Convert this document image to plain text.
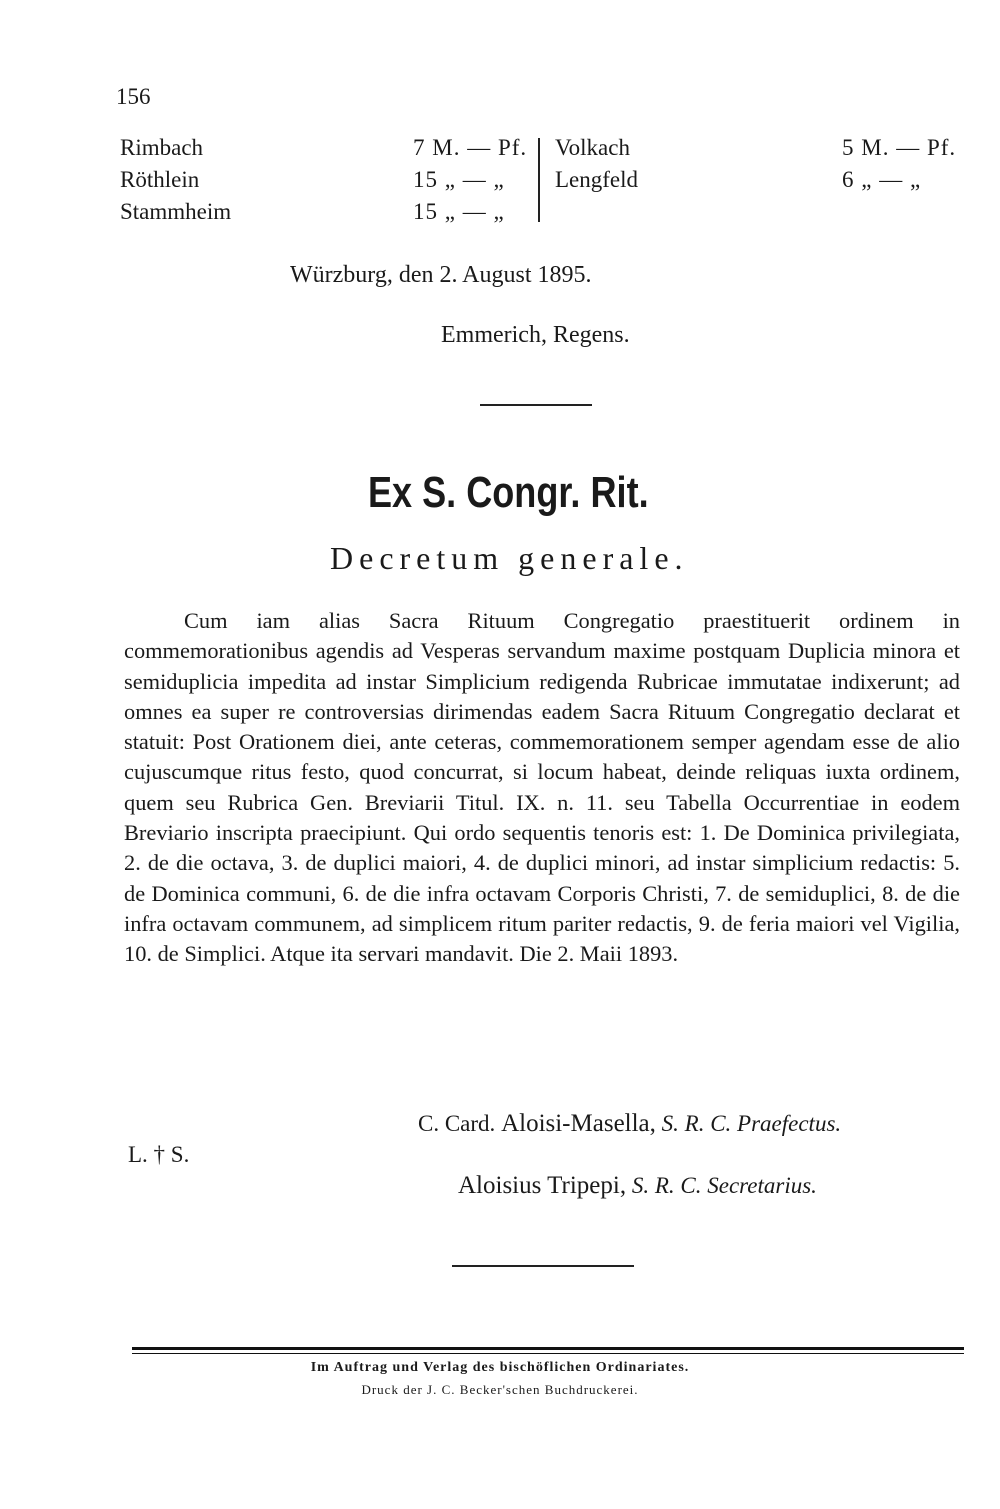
156
Rimbach	7 M. — Pf.
Röthlein	15 „ — „
Stammheim	15 „ — „
Volkach	5 M. — Pf.
Lengfeld	6 „ — „
Würzburg, den 2. August 1895.
Emmerich, Regens.
Ex S. Congr. Rit.
Decretum generale.
Cum iam alias Sacra Rituum Congregatio praestituerit ordinem in commemorationibus agendis ad Vesperas servandum maxime postquam Duplicia minora et semiduplicia impedita ad instar Simplicium redigenda Rubricae immutatae indixerunt; ad omnes ea super re controversias dirimendas eadem Sacra Rituum Congregatio declarat et statuit: Post Orationem diei, ante ceteras, commemorationem semper agendam esse de alio cujuscumque ritus festo, quod concurrat, si locum habeat, deinde reliquas iuxta ordinem, quem seu Rubrica Gen. Breviarii Titul. IX. n. 11. seu Tabella Occurrentiae in eodem Breviario inscripta praecipiunt. Qui ordo sequentis tenoris est: 1. De Dominica privilegiata, 2. de die octava, 3. de duplici maiori, 4. de duplici minori, ad instar simplicium redactis: 5. de Dominica communi, 6. de die infra octavam Corporis Christi, 7. de semiduplici, 8. de die infra octavam communem, ad simplicem ritum pariter redactis, 9. de feria maiori vel Vigilia, 10. de Simplici. Atque ita servari mandavit. Die 2. Maii 1893.
C. Card. Aloisi-Masella, S. R. C. Praefectus.
L. † S.
Aloisius Tripepi, S. R. C. Secretarius.
Im Auftrag und Verlag des bischöflichen Ordinariates.
Druck der J. C. Becker'schen Buchdruckerei.
